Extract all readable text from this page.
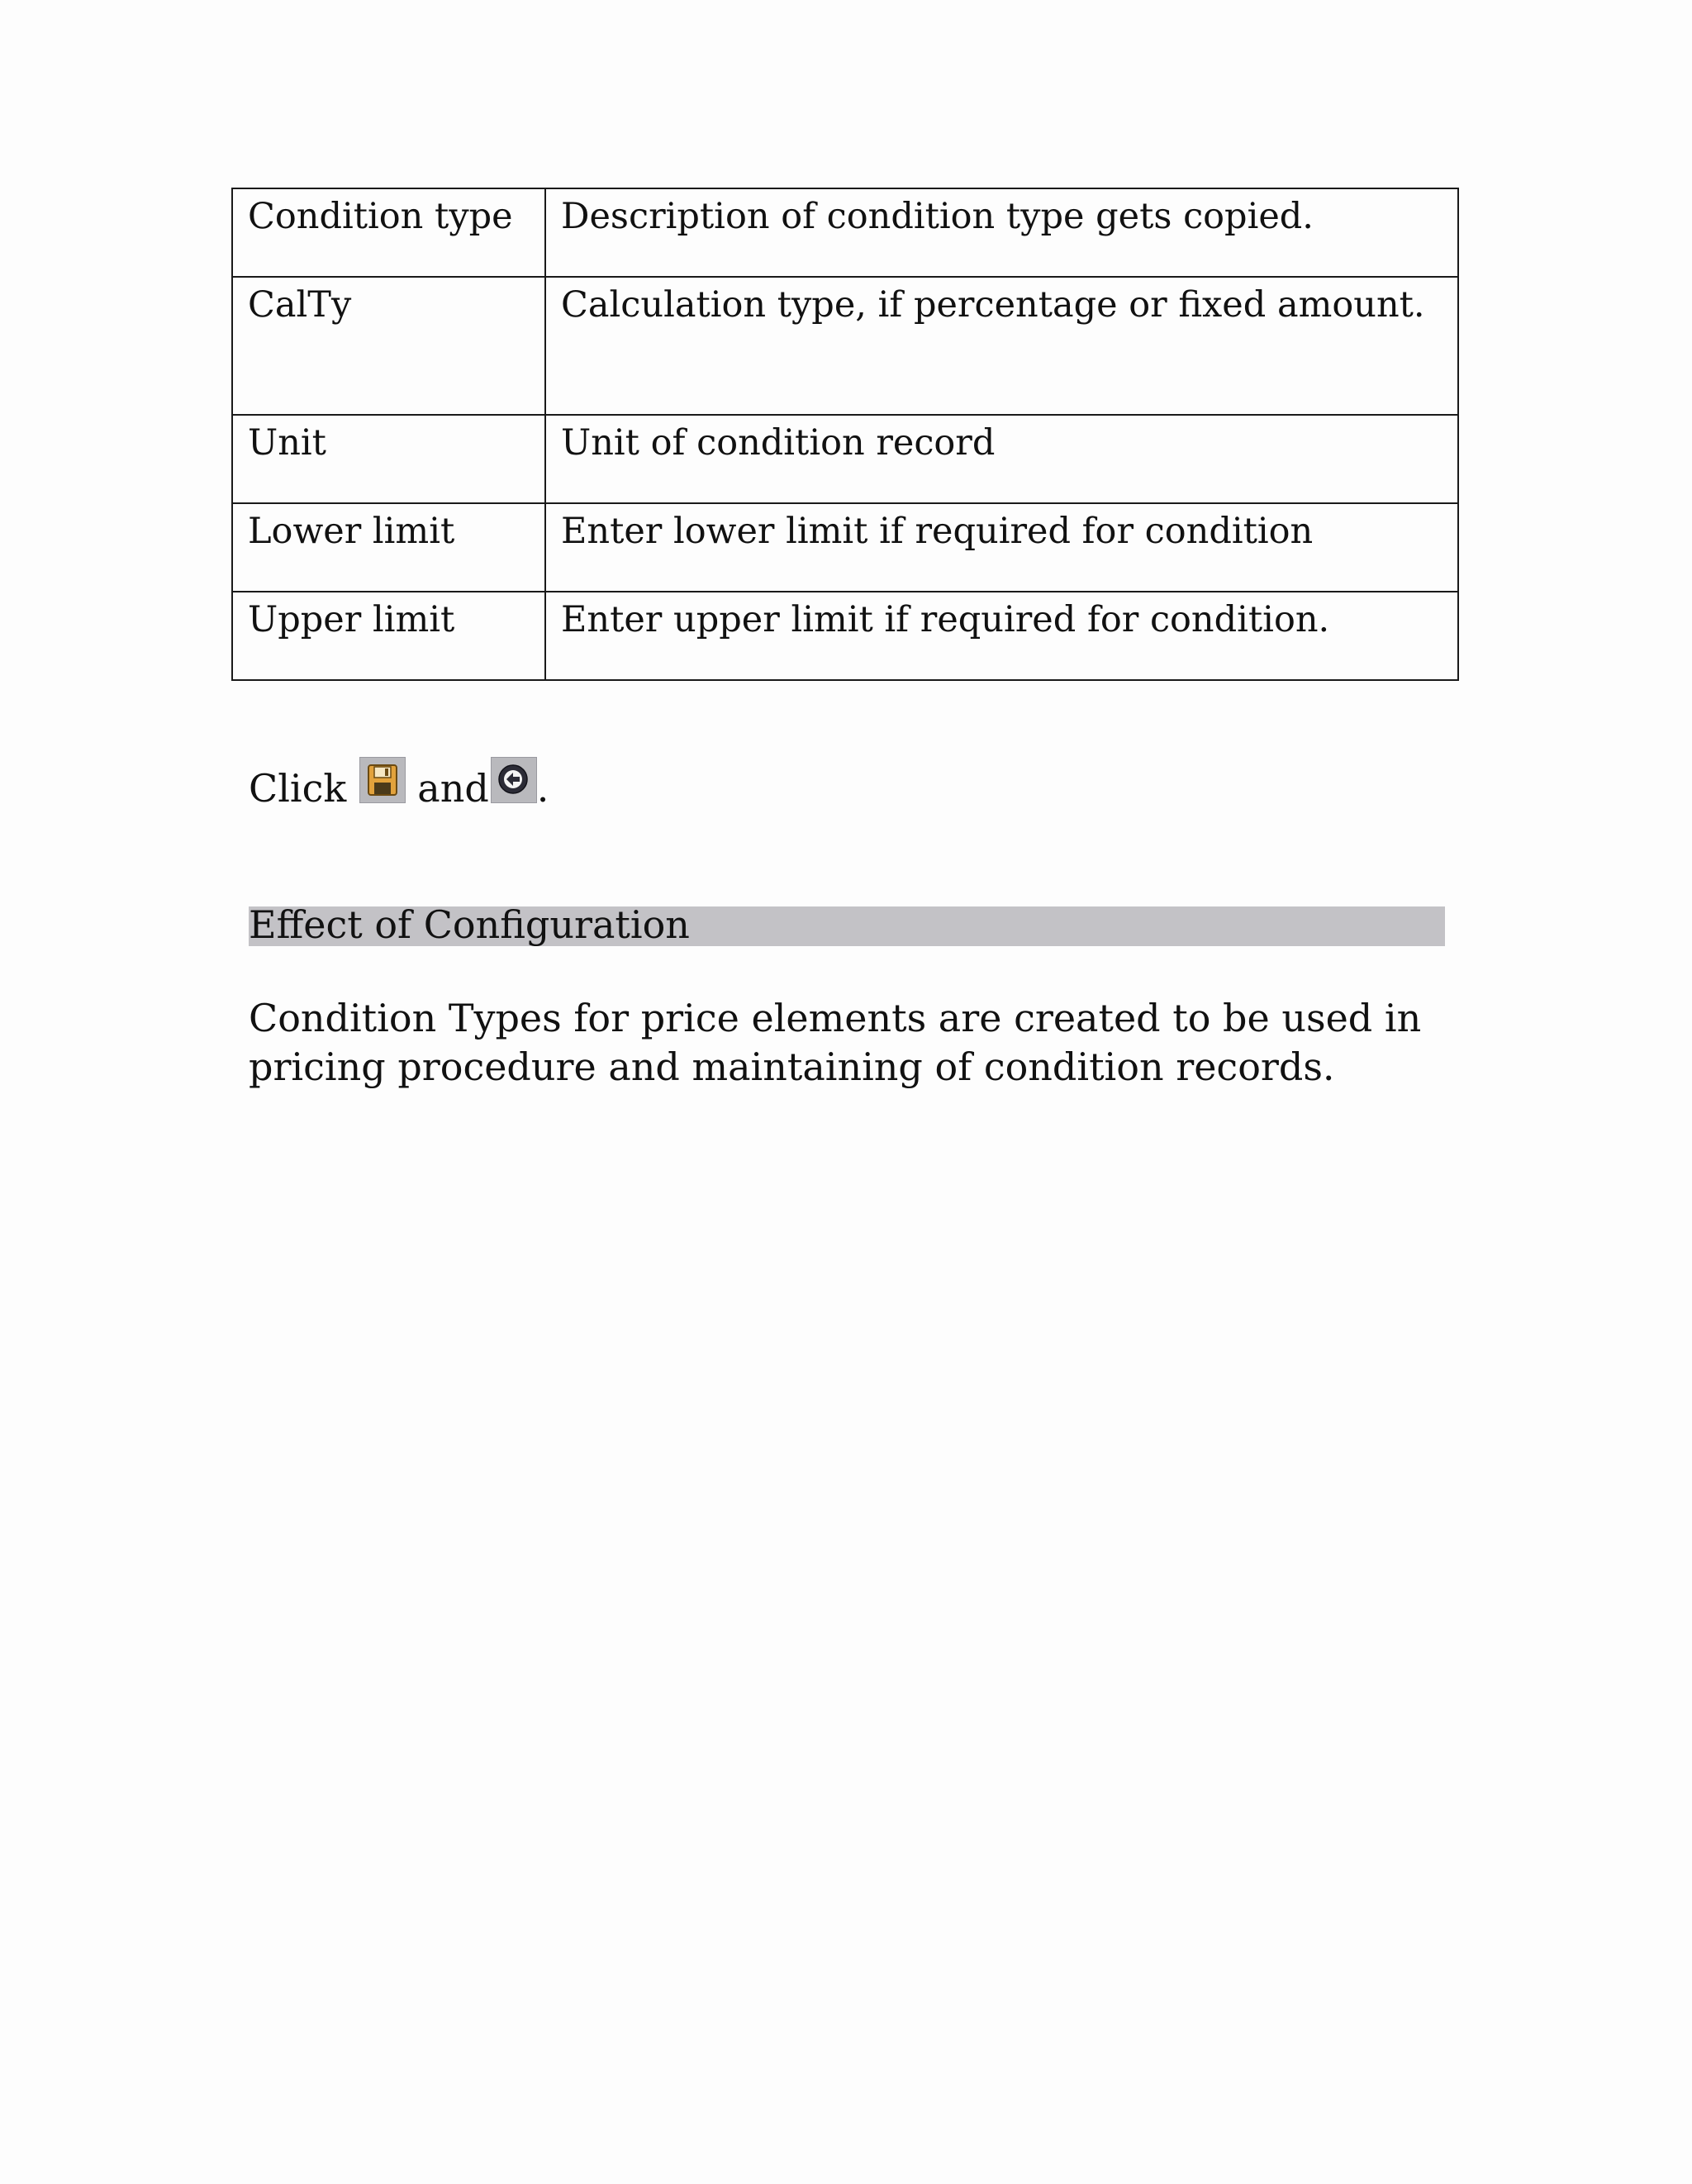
Condition type	Description of condition type gets copied.
CalTy	Calculation type, if percentage or fixed amount.
Unit	Unit of condition record
Lower limit	Enter lower limit if required for condition
Upper limit	Enter upper limit if required for condition.
Click and .
Effect of Configuration
Condition Types for price elements are created to be used in pricing procedure and maintaining of condition records.
